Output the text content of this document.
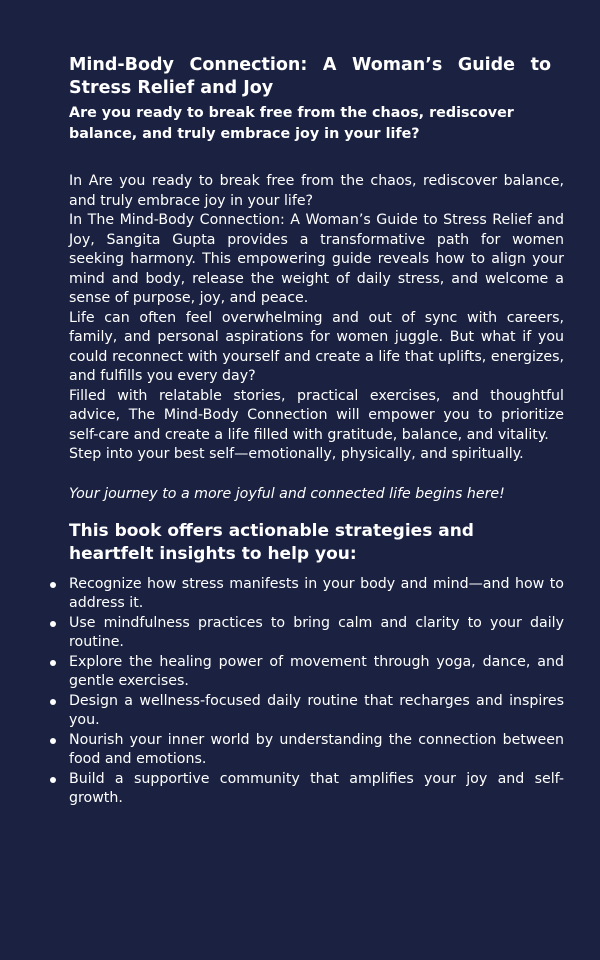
Mind-Body Connection: A Woman’s Guide to Stress Relief and Joy

Are you ready to break free from the chaos, rediscover balance, and truly embrace joy in your life?

In Are you ready to break free from the chaos, rediscover balance, and truly embrace joy in your life?

In The Mind-Body Connection: A Woman’s Guide to Stress Relief and Joy, Sangita Gupta provides a transformative path for women seeking harmony. This empowering guide reveals how to align your mind and body, release the weight of daily stress, and welcome a sense of purpose, joy, and peace.

Life can often feel overwhelming and out of sync with careers, family, and personal aspirations for women juggle. But what if you could reconnect with yourself and create a life that uplifts, energizes, and fulfills you every day?

Filled with relatable stories, practical exercises, and thoughtful advice, The Mind-Body Connection will empower you to prioritize self-care and create a life filled with gratitude, balance, and vitality.

Step into your best self—emotionally, physically, and spiritually.

Your journey to a more joyful and connected life begins here!

This book offers actionable strategies and heartfelt insights to help you:
Recognize how stress manifests in your body and mind—and how to address it.
Use mindfulness practices to bring calm and clarity to your daily routine.
Explore the healing power of movement through yoga, dance, and gentle exercises.
Design a wellness-focused daily routine that recharges and inspires you.
Nourish your inner world by understanding the connection between food and emotions.
Build a supportive community that amplifies your joy and self-growth.
